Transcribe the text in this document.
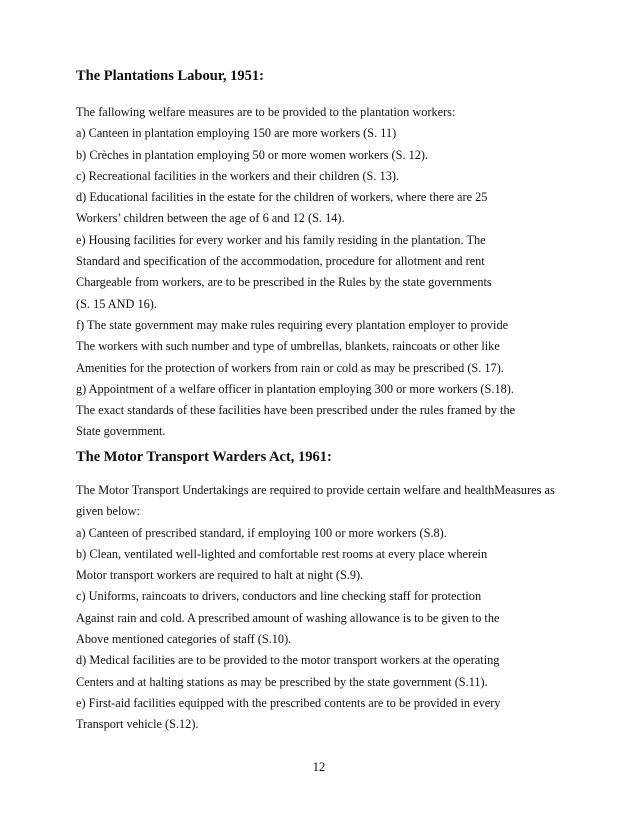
The Plantations Labour, 1951:
The fallowing welfare measures are to be provided to the plantation workers:
a) Canteen in plantation employing 150 are more workers (S. 11)
b) Crèches in plantation employing 50 or more women workers (S. 12).
c) Recreational facilities in the workers and their children (S. 13).
d) Educational facilities in the estate for the children of workers, where there are 25
Workers’ children between the age of 6 and 12 (S. 14).
e) Housing facilities for every worker and his family residing in the plantation. The
Standard and specification of the accommodation, procedure for allotment and rent
Chargeable from workers, are to be prescribed in the Rules by the state governments
(S. 15 AND 16).
f) The state government may make rules requiring every plantation employer to provide
The workers with such number and type of umbrellas, blankets, raincoats or other like
Amenities for the protection of workers from rain or cold as may be prescribed (S. 17).
g) Appointment of a welfare officer in plantation employing 300 or more workers (S.18).
The exact standards of these facilities have been prescribed under the rules framed by the
State government.
The Motor Transport Warders Act, 1961:
The Motor Transport Undertakings are required to provide certain welfare and healthMeasures as
given below:
a) Canteen of prescribed standard, if employing 100 or more workers (S.8).
b) Clean, ventilated well-lighted and comfortable rest rooms at every place wherein
Motor transport workers are required to halt at night (S.9).
c) Uniforms, raincoats to drivers, conductors and line checking staff for protection
Against rain and cold. A prescribed amount of washing allowance is to be given to the
Above mentioned categories of staff (S.10).
d) Medical facilities are to be provided to the motor transport workers at the operating
Centers and at halting stations as may be prescribed by the state government (S.11).
e) First-aid facilities equipped with the prescribed contents are to be provided in every
Transport vehicle (S.12).
12
